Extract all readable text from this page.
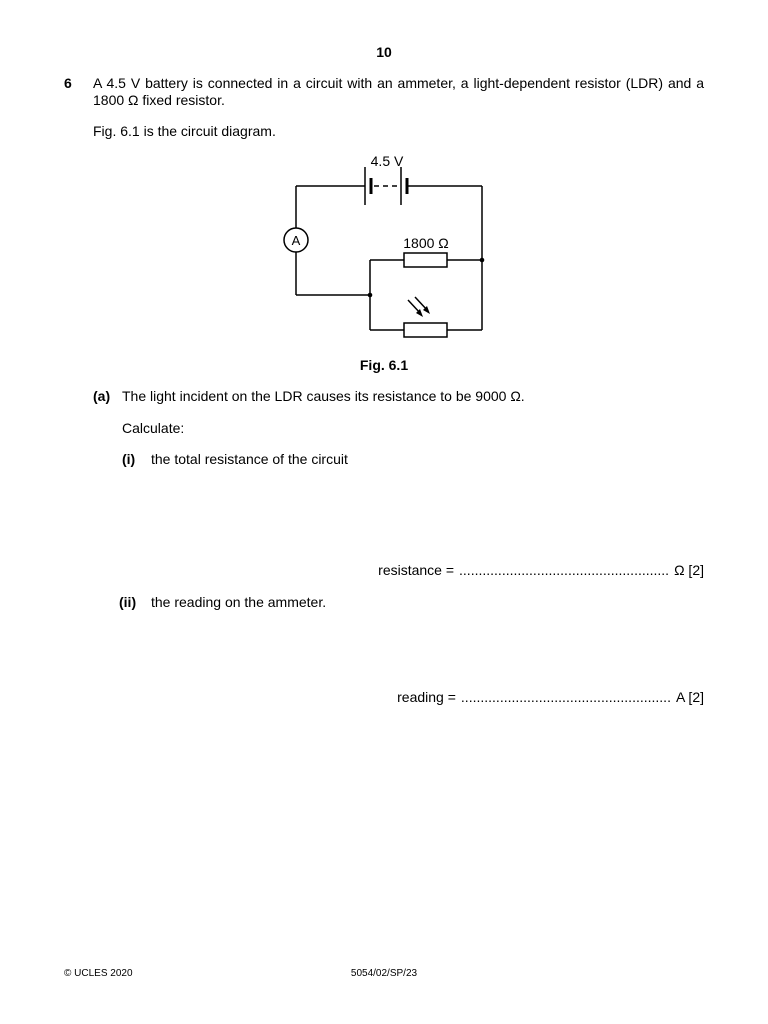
10
6 A 4.5 V battery is connected in a circuit with an ammeter, a light-dependent resistor (LDR) and a 1800 Ω fixed resistor.
Fig. 6.1 is the circuit diagram.
4.5 V
1800 Ω
A
Fig. 6.1
(a) The light incident on the LDR causes its resistance to be 9000 Ω.
Calculate:
(i) the total resistance of the circuit
resistance = ...................................................... Ω [2]
(ii) the reading on the ammeter.
reading = ...................................................... A [2]
© UCLES 2020	5054/02/SP/23
